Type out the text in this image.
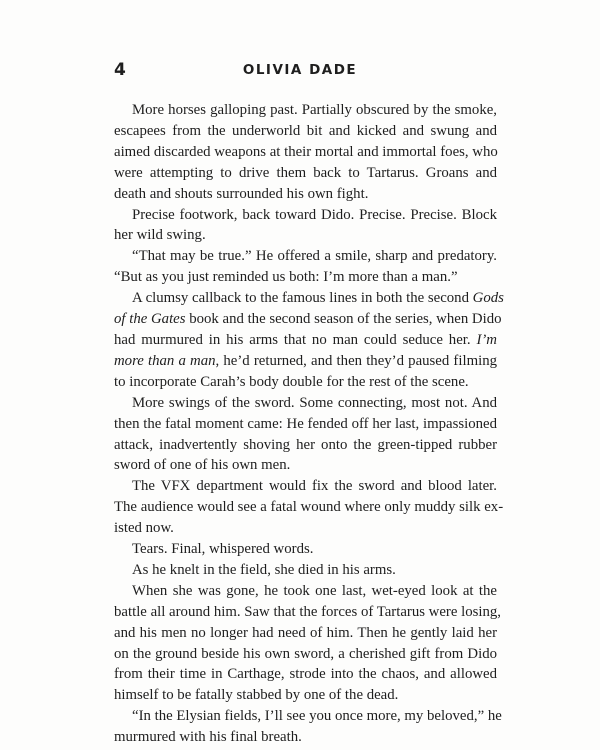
4	OLIVIA DADE
More horses galloping past. Partially obscured by the smoke,
escapees from the underworld bit and kicked and swung and
aimed discarded weapons at their mortal and immortal foes, who
were attempting to drive them back to Tartarus. Groans and
death and shouts surrounded his own fight.
Precise footwork, back toward Dido. Precise. Precise. Block
her wild swing.
“That may be true.” He offered a smile, sharp and predatory.
“But as you just reminded us both: I’m more than a man.”
A clumsy callback to the famous lines in both the second Gods
of the Gates book and the second season of the series, when Dido
had murmured in his arms that no man could seduce her. I’m
more than a man, he’d returned, and then they’d paused filming
to incorporate Carah’s body double for the rest of the scene.
More swings of the sword. Some connecting, most not. And
then the fatal moment came: He fended off her last, impassioned
attack, inadvertently shoving her onto the green-tipped rubber
sword of one of his own men.
The VFX department would fix the sword and blood later.
The audience would see a fatal wound where only muddy silk ex-
isted now.
Tears. Final, whispered words.
As he knelt in the field, she died in his arms.
When she was gone, he took one last, wet-eyed look at the
battle all around him. Saw that the forces of Tartarus were losing,
and his men no longer had need of him. Then he gently laid her
on the ground beside his own sword, a cherished gift from Dido
from their time in Carthage, strode into the chaos, and allowed
himself to be fatally stabbed by one of the dead.
“In the Elysian fields, I’ll see you once more, my beloved,” he
murmured with his final breath.
